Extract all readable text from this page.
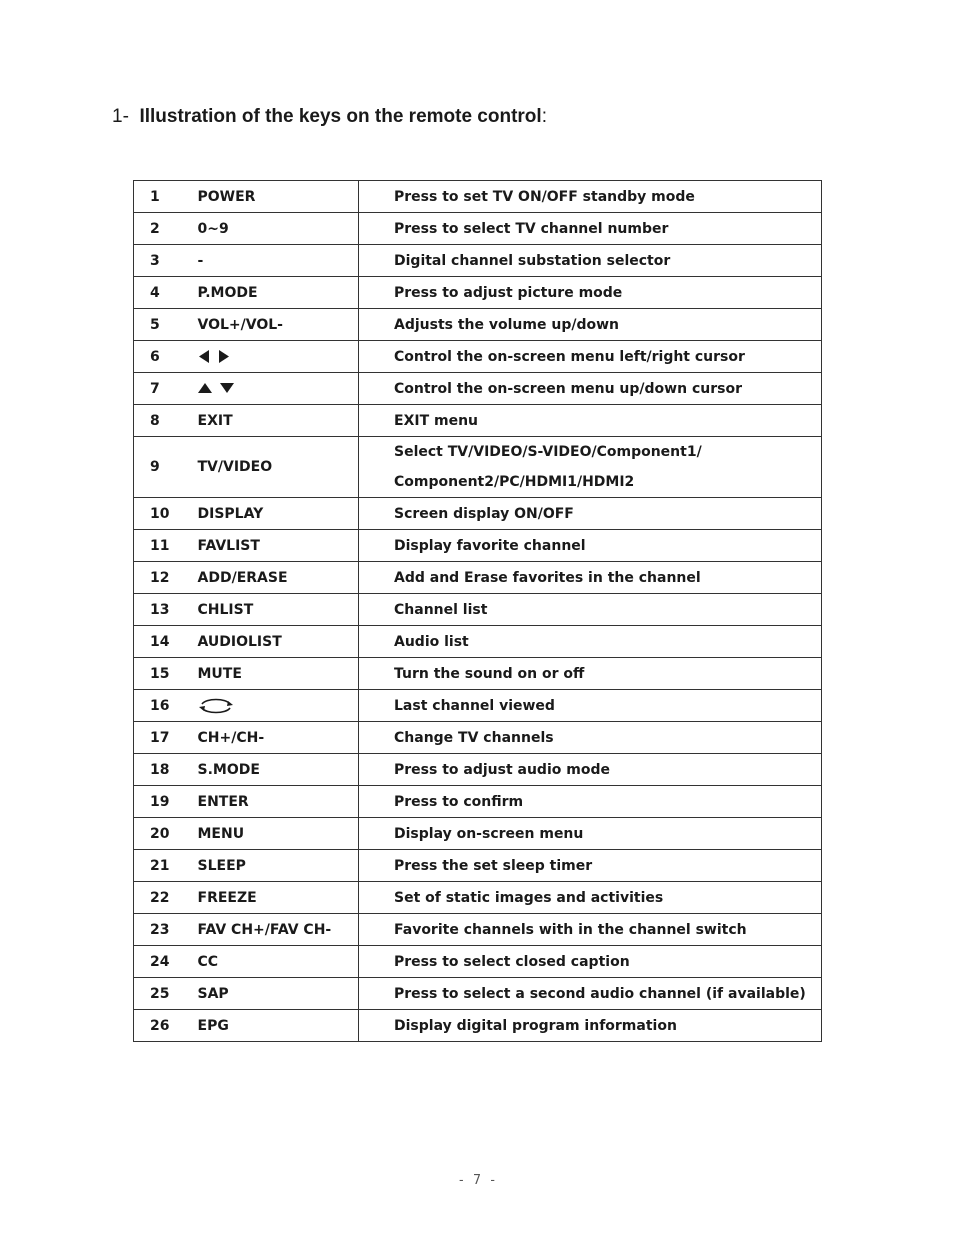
1- Illustration of the keys on the remote control:
1	POWER	Press to set TV ON/OFF standby mode
2	0~9	Press to select TV channel number
3	-	Digital channel substation selector
4	P.MODE	Press to adjust picture mode
5	VOL+/VOL-	Adjusts the volume up/down
6		Control the on-screen menu left/right cursor
7		Control the on-screen menu up/down cursor
8	EXIT	EXIT menu
9	TV/VIDEO	Select TV/VIDEO/S-VIDEO/Component1/
Component2/PC/HDMI1/HDMI2

10	DISPLAY	Screen display ON/OFF
11	FAVLIST	Display favorite channel
12	ADD/ERASE	Add and Erase favorites in the channel
13	CHLIST	Channel list
14	AUDIOLIST	Audio list
15	MUTE	Turn the sound on or off
16		Last channel viewed
17	CH+/CH-	Change TV channels
18	S.MODE	Press to adjust audio mode
19	ENTER	Press to confirm
20	MENU	Display on-screen menu
21	SLEEP	Press the set sleep timer
22	FREEZE	Set of static images and activities
23	FAV CH+/FAV CH-	Favorite channels with in the channel switch
24	CC	Press to select closed caption
25	SAP	Press to select a second audio channel (if available)
26	EPG	Display digital program information
- 7 -
